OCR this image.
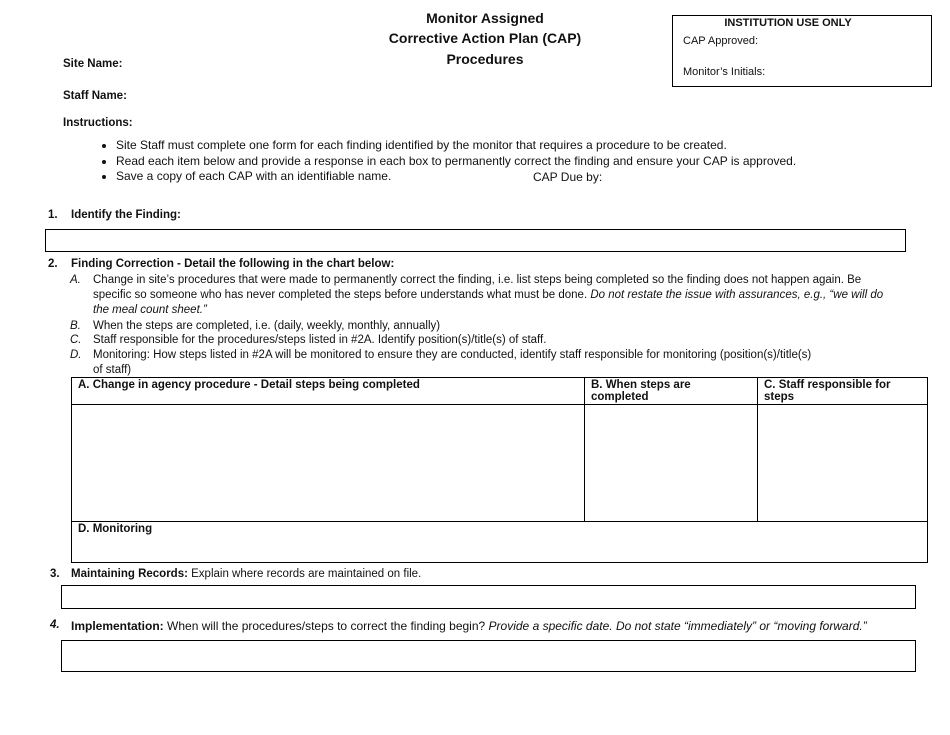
Monitor Assigned
Corrective Action Plan (CAP)
Procedures
INSTITUTION USE ONLY
CAP Approved:
Monitor’s Initials:
Site Name:
Staff Name:
Instructions:
• Site Staff must complete one form for each finding identified by the monitor that requires a procedure to be created.
• Read each item below and provide a response in each box to permanently correct the finding and ensure your CAP is approved.
• Save a copy of each CAP with an identifiable name.	CAP Due by:
1. Identify the Finding:
2. Finding Correction - Detail the following in the chart below:
A. Change in site’s procedures that were made to permanently correct the finding, i.e. list steps being completed so the finding does not happen again. Be specific so someone who has never completed the steps before understands what must be done. Do not restate the issue with assurances, e.g., “we will do the meal count sheet.”
B. When the steps are completed, i.e. (daily, weekly, monthly, annually)
C. Staff responsible for the procedures/steps listed in #2A. Identify position(s)/title(s) of staff.
D. Monitoring: How steps listed in #2A will be monitored to ensure they are conducted, identify staff responsible for monitoring (position(s)/title(s) of staff)
A. Change in agency procedure - Detail steps being completed	B. When steps are completed	C. Staff responsible for steps

D. Monitoring		
3. Maintaining Records: Explain where records are maintained on file.
4. Implementation: When will the procedures/steps to correct the finding begin? Provide a specific date. Do not state “immediately” or “moving forward.”
